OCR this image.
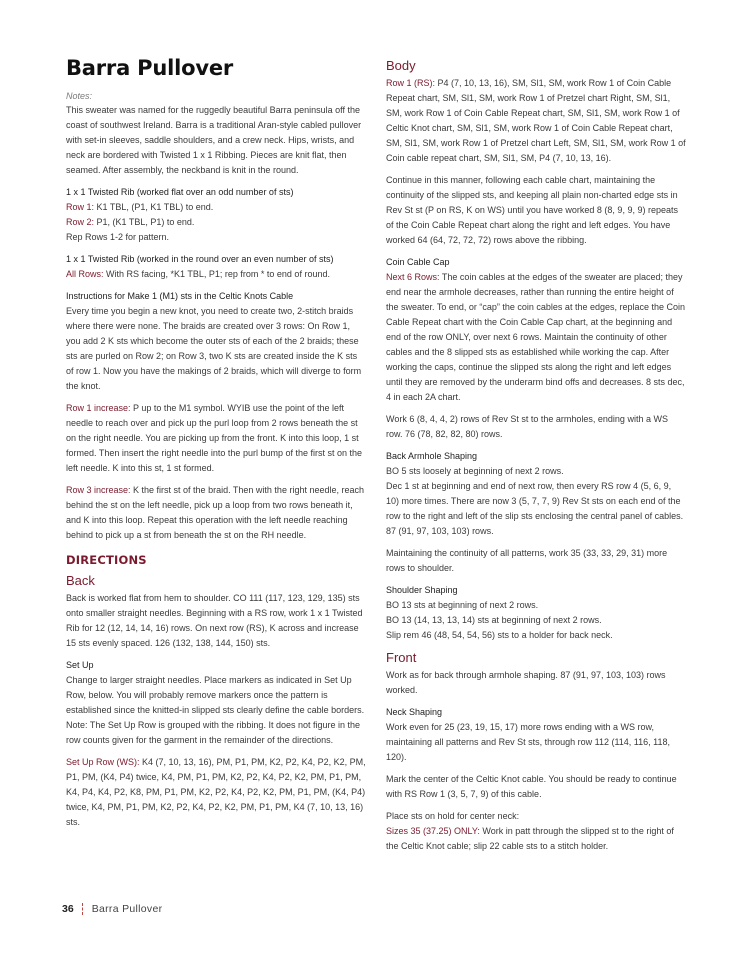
Barra Pullover
Notes:

This sweater was named for the ruggedly beautiful Barra peninsula off the coast of southwest Ireland. Barra is a traditional Aran-style cabled pullover with set-in sleeves, saddle shoulders, and a crew neck. Hips, wrists, and neck are bordered with Twisted 1 x 1 Ribbing. Pieces are knit flat, then seamed. After assembly, the neckband is knit in the round.

1 x 1 Twisted Rib (worked flat over an odd number of sts)
Row 1: K1 TBL, (P1, K1 TBL) to end.
Row 2: P1, (K1 TBL, P1) to end.
Rep Rows 1-2 for pattern.

1 x 1 Twisted Rib (worked in the round over an even number of sts)
All Rows: With RS facing, *K1 TBL, P1; rep from * to end of round.

Instructions for Make 1 (M1) sts in the Celtic Knots Cable
Every time you begin a new knot, you need to create two, 2-stitch braids where there were none. The braids are created over 3 rows: On Row 1, you add 2 K sts which become the outer sts of each of the 2 braids; these sts are purled on Row 2; on Row 3, two K sts are created inside the K sts of row 1. Now you have the makings of 2 braids, which will diverge to form the knot.

Row 1 increase: P up to the M1 symbol. WYIB use the point of the left needle to reach over and pick up the purl loop from 2 rows beneath the st on the right needle. You are picking up from the front. K into this loop, 1 st formed. Then insert the right needle into the purl bump of the first st on the left needle. K into this st, 1 st formed.

Row 3 increase: K the first st of the braid. Then with the right needle, reach behind the st on the left needle, pick up a loop from two rows beneath it, and K into this loop. Repeat this operation with the left needle reaching behind to pick up a st from beneath the st on the RH needle.

DIRECTIONS
Back

Back is worked flat from hem to shoulder. CO 111 (117, 123, 129, 135) sts onto smaller straight needles. Beginning with a RS row, work 1 x 1 Twisted Rib for 12 (12, 14, 14, 16) rows. On next row (RS), K across and increase 15 sts evenly spaced. 126 (132, 138, 144, 150) sts.

Set Up
Change to larger straight needles. Place markers as indicated in Set Up Row, below. You will probably remove markers once the pattern is established since the knitted-in slipped sts clearly define the cable borders. Note: The Set Up Row is grouped with the ribbing. It does not figure in the row counts given for the garment in the remainder of the directions.

Set Up Row (WS): K4 (7, 10, 13, 16), PM, P1, PM, K2, P2, K4, P2, K2, PM, P1, PM, (K4, P4) twice, K4, PM, P1, PM, K2, P2, K4, P2, K2, PM, P1, PM, K4, P4, K4, P2, K8, PM, P1, PM, K2, P2, K4, P2, K2, PM, P1, PM, (K4, P4) twice, K4, PM, P1, PM, K2, P2, K4, P2, K2, PM, P1, PM, K4 (7, 10, 13, 16) sts.

Body

Row 1 (RS): P4 (7, 10, 13, 16), SM, Sl1, SM, work Row 1 of Coin Cable Repeat chart, SM, Sl1, SM, work Row 1 of Pretzel chart Right, SM, Sl1, SM, work Row 1 of Coin Cable Repeat chart, SM, Sl1, SM, work Row 1 of Celtic Knot chart, SM, Sl1, SM, work Row 1 of Coin Cable Repeat chart, SM, Sl1, SM, work Row 1 of Pretzel chart Left, SM, Sl1, SM, work Row 1 of Coin cable repeat chart, SM, Sl1, SM, P4 (7, 10, 13, 16).

Continue in this manner, following each cable chart, maintaining the continuity of the slipped sts, and keeping all plain non-charted edge sts in Rev St st (P on RS, K on WS) until you have worked 8 (8, 9, 9, 9) repeats of the Coin Cable Repeat chart along the right and left edges. You have worked 64 (64, 72, 72, 72) rows above the ribbing.

Coin Cable Cap
Next 6 Rows: The coin cables at the edges of the sweater are placed; they end near the armhole decreases, rather than running the entire height of the sweater. To end, or “cap” the coin cables at the edges, replace the Coin Cable Repeat chart with the Coin Cable Cap chart, at the beginning and end of the row ONLY, over next 6 rows. Maintain the continuity of other cables and the 8 slipped sts as established while working the cap. After working the caps, continue the slipped sts along the right and left edges until they are removed by the underarm bind offs and decreases. 8 sts dec, 4 in each 2A chart.

Work 6 (8, 4, 4, 2) rows of Rev St st to the armholes, ending with a WS row. 76 (78, 82, 82, 80) rows.

Back Armhole Shaping
BO 5 sts loosely at beginning of next 2 rows.
Dec 1 st at beginning and end of next row, then every RS row 4 (5, 6, 9, 10) more times. There are now 3 (5, 7, 7, 9) Rev St sts on each end of the row to the right and left of the slip sts enclosing the central panel of cables. 87 (91, 97, 103, 103) rows.

Maintaining the continuity of all patterns, work 35 (33, 33, 29, 31) more rows to shoulder.

Shoulder Shaping
BO 13 sts at beginning of next 2 rows.
BO 13 (14, 13, 13, 14) sts at beginning of next 2 rows.
Slip rem 46 (48, 54, 54, 56) sts to a holder for back neck.

Front

Work as for back through armhole shaping. 87 (91, 97, 103, 103) rows worked.

Neck Shaping
Work even for 25 (23, 19, 15, 17) more rows ending with a WS row, maintaining all patterns and Rev St sts, through row 112 (114, 116, 118, 120).

Mark the center of the Celtic Knot cable. You should be ready to continue with RS Row 1 (3, 5, 7, 9) of this cable.

Place sts on hold for center neck:
Sizes 35 (37.25) ONLY: Work in patt through the slipped st to the right of the Celtic Knot cable; slip 22 cable sts to a stitch holder.

36 Barra Pullover
